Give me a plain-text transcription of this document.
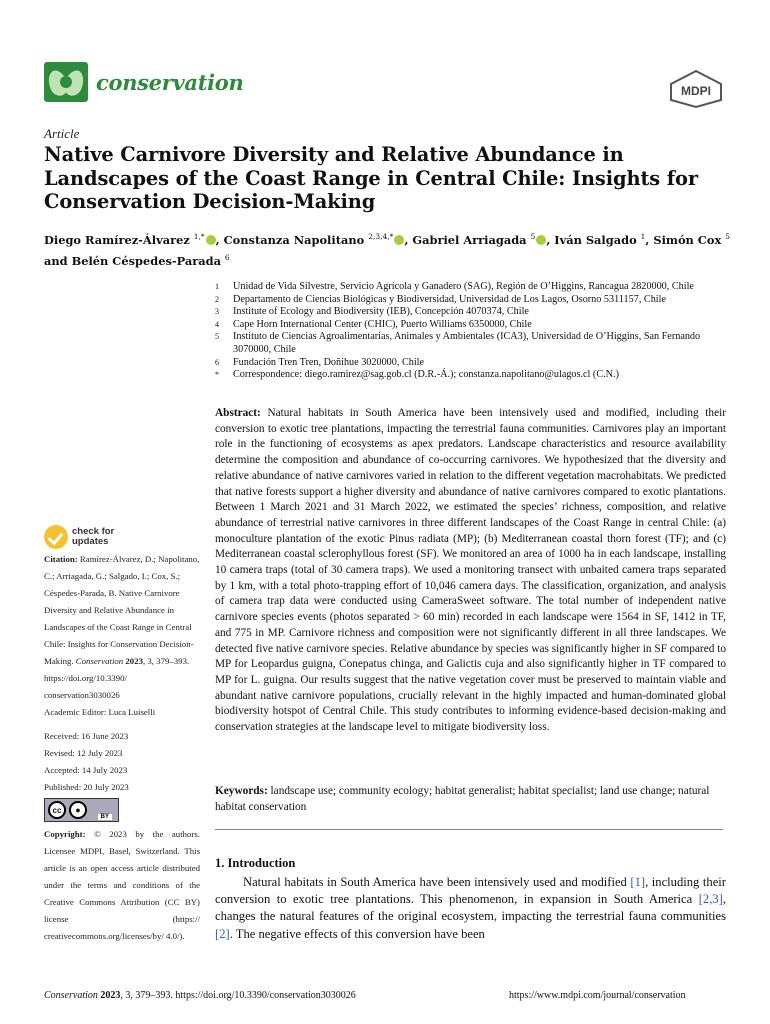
conservation	MDPI
Article
Native Carnivore Diversity and Relative Abundance in Landscapes of the Coast Range in Central Chile: Insights for Conservation Decision-Making
Diego Ramírez-Álvarez $^{1,*}$ , Constanza Napolitano $^{2,3,4,*}$ , Gabriel Arriagada $^5$ , Iván Salgado $^1$, Simón Cox $^5$ and Belén Céspedes-Parada $^6$
1	Unidad de Vida Silvestre, Servicio Agrícola y Ganadero (SAG), Región de O’Higgins, Rancagua 2820000, Chile
2	Departamento de Ciencias Biológicas y Biodiversidad, Universidad de Los Lagos, Osorno 5311157, Chile
3	Institute of Ecology and Biodiversity (IEB), Concepción 4070374, Chile
4	Cape Horn International Center (CHIC), Puerto Williams 6350000, Chile
5	Instituto de Ciencias Agroalimentarias, Animales y Ambientales (ICA3), Universidad de O’Higgins, San Fernando 3070000, Chile
6	Fundación Tren Tren, Doñihue 3020000, Chile
*	Correspondence: diego.ramirez@sag.gob.cl (D.R.-Á.); constanza.napolitano@ulagos.cl (C.N.)
Abstract: Natural habitats in South America have been intensively used and modified, including their conversion to exotic tree plantations, impacting the terrestrial fauna communities. Carnivores play an important role in the functioning of ecosystems as apex predators. Landscape characteristics and resource availability determine the composition and abundance of co-occurring carnivores. We hypothesized that the diversity and relative abundance of native carnivores varied in relation to the different vegetation macrohabitats. We predicted that native forests support a higher diversity and abundance of native carnivores compared to exotic plantations. Between 1 March 2021 and 31 March 2022, we estimated the species’ richness, composition, and relative abundance of terrestrial native carnivores in three different landscapes of the Coast Range in central Chile: (a) monoculture plantation of the exotic Pinus radiata (MP); (b) Mediterranean coastal thorn forest (TF); and (c) Mediterranean coastal sclerophyllous forest (SF). We monitored an area of 1000 ha in each landscape, installing 10 camera traps (total of 30 camera traps). We used a monitoring transect with unbaited camera traps separated by 1 km, with a total photo-trapping effort of 10,046 camera days. The classification, organization, and analysis of camera trap data were conducted using CameraSweet software. The total number of independent native carnivore species events (photos separated > 60 min) recorded in each landscape were 1564 in SF, 1412 in TF, and 775 in MP. Carnivore richness and composition were not significantly different in all three landscapes. We detected five native carnivore species. Relative abundance by species was significantly higher in SF compared to MP for Leopardus guigna, Conepatus chinga, and Galictis cuja and also significantly higher in TF compared to MP for L. guigna. Our results suggest that the native vegetation cover must be preserved to maintain viable and abundant native carnivore populations, crucially relevant in the highly impacted and human-dominated global biodiversity hotspot of Central Chile. This study contributes to informing evidence-based decision-making and conservation strategies at the landscape level to mitigate biodiversity loss.
Keywords: landscape use; community ecology; habitat generalist; habitat specialist; land use change; natural habitat conservation
1. Introduction

Natural habitats in South America have been intensively used and modified [1], including their conversion to exotic tree plantations. This phenomenon, in expansion in South America [2,3], changes the natural features of the original ecosystem, impacting the terrestrial fauna communities [2]. The negative effects of this conversion have been

check for
updates
Citation: Ramírez-Álvarez, D.; Napolitano, C.; Arriagada, G.; Salgado, I.; Cox, S.; Céspedes-Parada, B. Native Carnivore Diversity and Relative Abundance in Landscapes of the Coast Range in Central Chile: Insights for Conservation Decision-Making. Conservation 2023, 3, 379–393. https://doi.org/10.3390/ conservation3030026
Academic Editor: Luca Luiselli
Received: 16 June 2023
Revised: 12 July 2023
Accepted: 14 July 2023
Published: 20 July 2023
cc	●
BY
Copyright: © 2023 by the authors. Licensee MDPI, Basel, Switzerland. This article is an open access article distributed under the terms and conditions of the Creative Commons Attribution (CC BY) license (https:// creativecommons.org/licenses/by/ 4.0/).
Conservation 2023, 3, 379–393. https://doi.org/10.3390/conservation3030026	https://www.mdpi.com/journal/conservation
